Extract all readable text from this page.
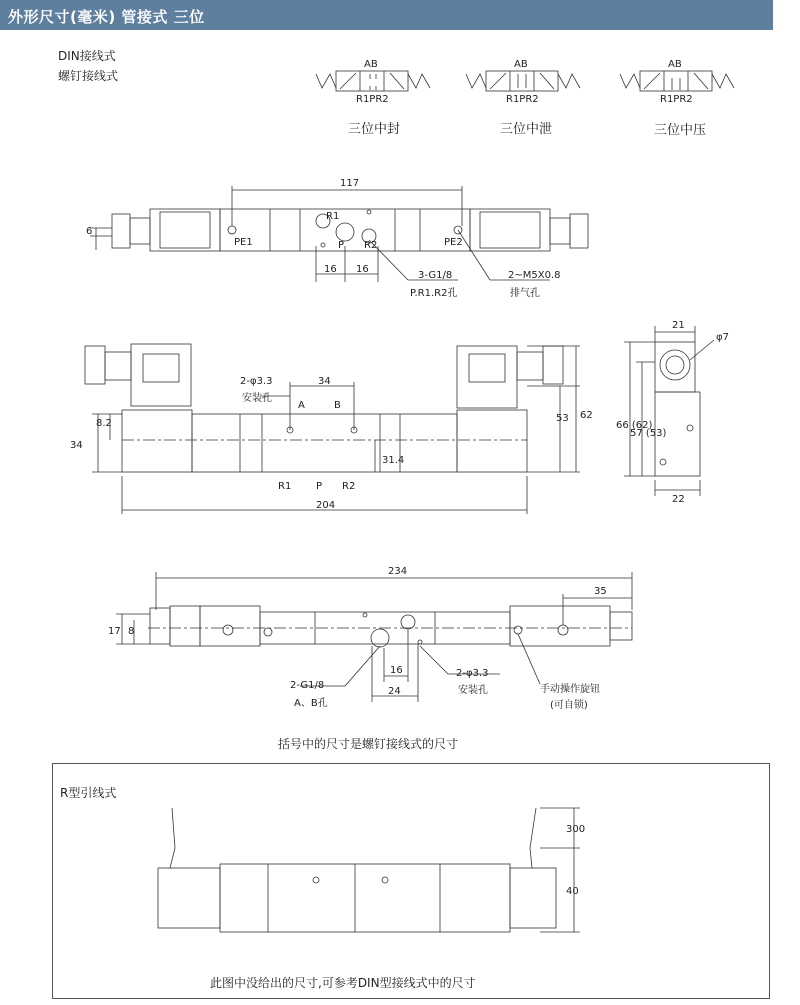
外形尺寸(毫米) 管接式 三位
DIN接线式
螺钉接线式
AB
R1PR2
三位中封
AB
R1PR2
三位中泄
AB
R1PR2
三位中压
117
6
R1
P R2
PE1	PE2
16 16
3-G1/8
P.R1.R2孔
2~M5X0.8
排气孔
2-φ3.3
安装孔
34
A	B
8.2
34
31.4
53 62
204
R1 P R2
21
φ7
66 (62)
57 (53)
22
234
35
17 8
2-G1/8
A、B孔
16
24
2-φ3.3
安装孔	手动操作旋钮
(可自锁)
括号中的尺寸是螺钉接线式的尺寸
R型引线式
300
40
此图中没给出的尺寸,可参考DIN型接线式中的尺寸
